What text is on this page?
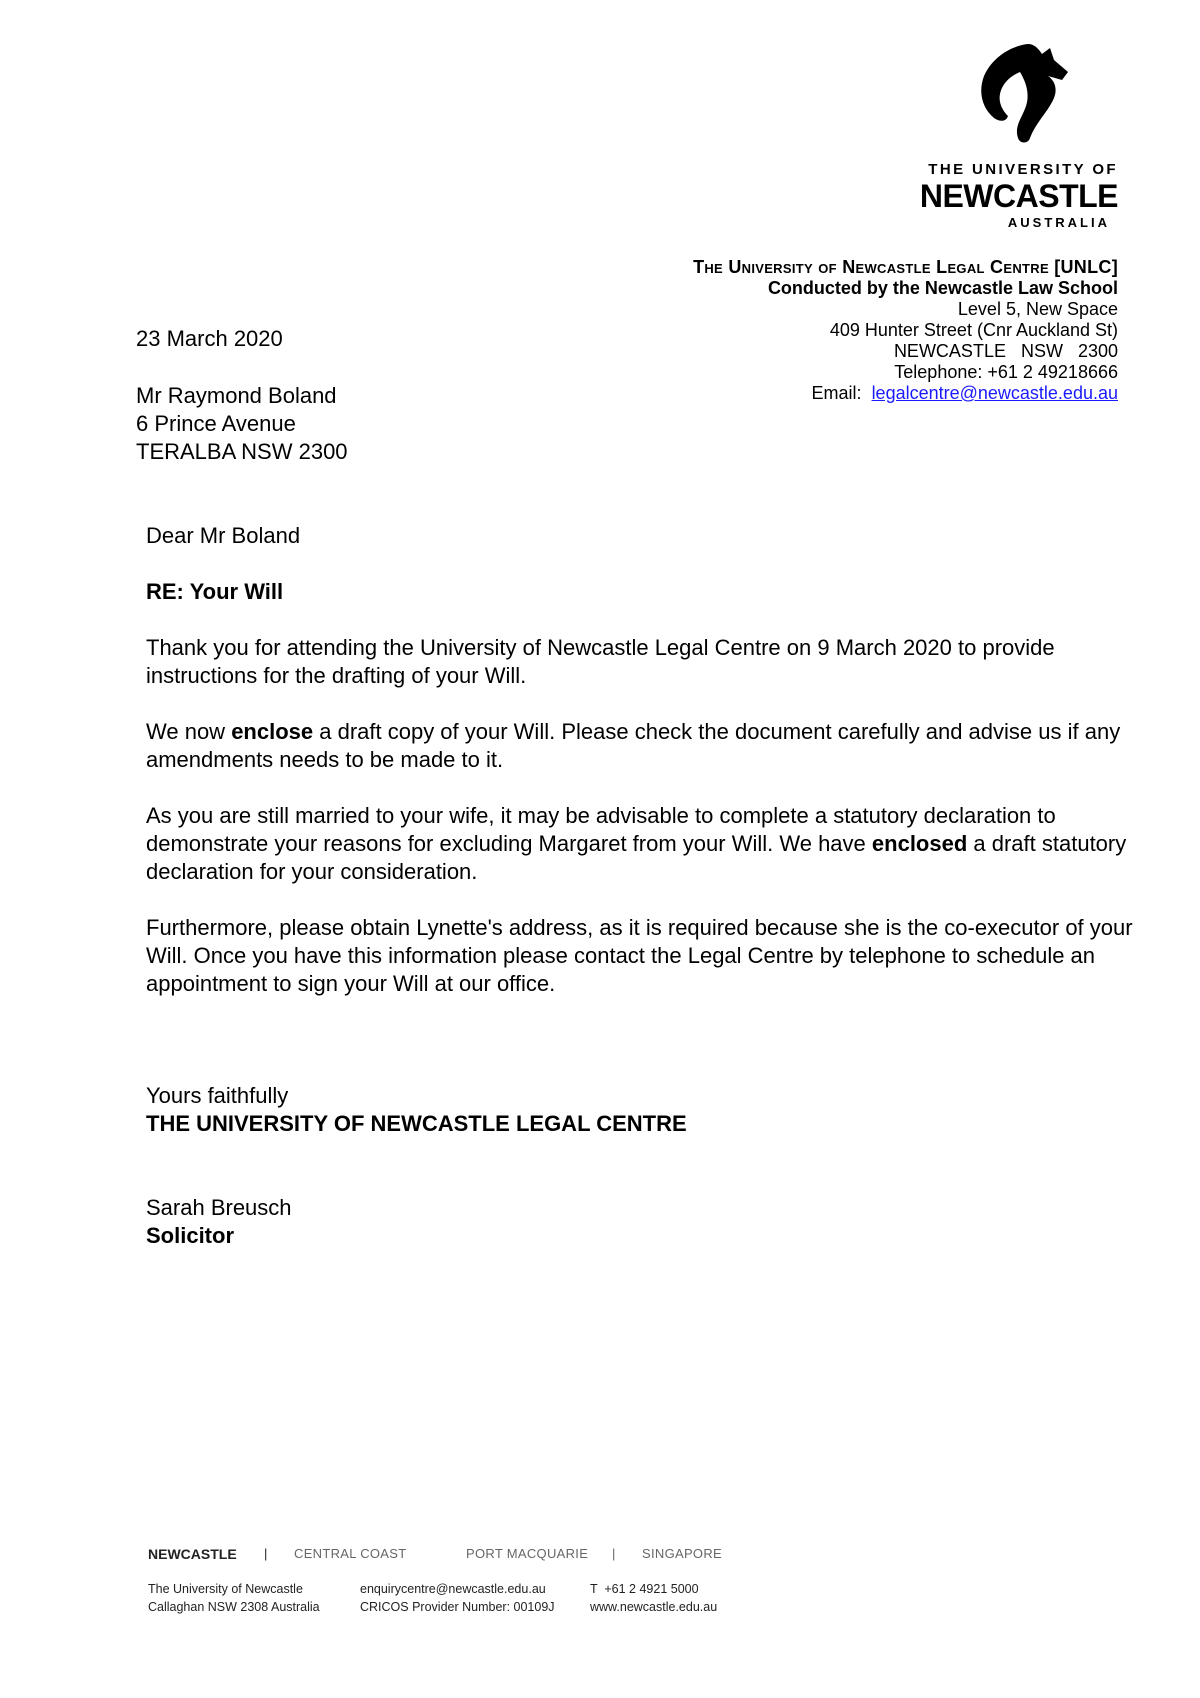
THE UNIVERSITY OF
NEWCASTLE
AUSTRALIA
The University of Newcastle Legal Centre [UNLC]
Conducted by the Newcastle Law School
Level 5, New Space
409 Hunter Street (Cnr Auckland St)
NEWCASTLE   NSW   2300
Telephone: +61 2 49218666
Email: legalcentre@newcastle.edu.au
23 March 2020
Mr Raymond Boland
6 Prince Avenue
TERALBA NSW 2300

Dear Mr Boland

RE: Your Will

Thank you for attending the University of Newcastle Legal Centre on 9 March 2020 to provide instructions for the drafting of your Will.

We now enclose a draft copy of your Will. Please check the document carefully and advise us if any amendments needs to be made to it.

As you are still married to your wife, it may be advisable to complete a statutory declaration to demonstrate your reasons for excluding Margaret from your Will. We have enclosed a draft statutory declaration for your consideration.

Furthermore, please obtain Lynette's address, as it is required because she is the co-executor of your Will. Once you have this information please contact the Legal Centre by telephone to schedule an appointment to sign your Will at our office.

Yours faithfully
THE UNIVERSITY OF NEWCASTLE LEGAL CENTRE
Sarah Breusch
Solicitor
NEWCASTLE | CENTRAL COAST	PORT MACQUARIE | SINGAPORE
The University of Newcastle
Callaghan NSW 2308 Australia
enquirycentre@newcastle.edu.au
CRICOS Provider Number: 00109J
T  +61 2 4921 5000
www.newcastle.edu.au
